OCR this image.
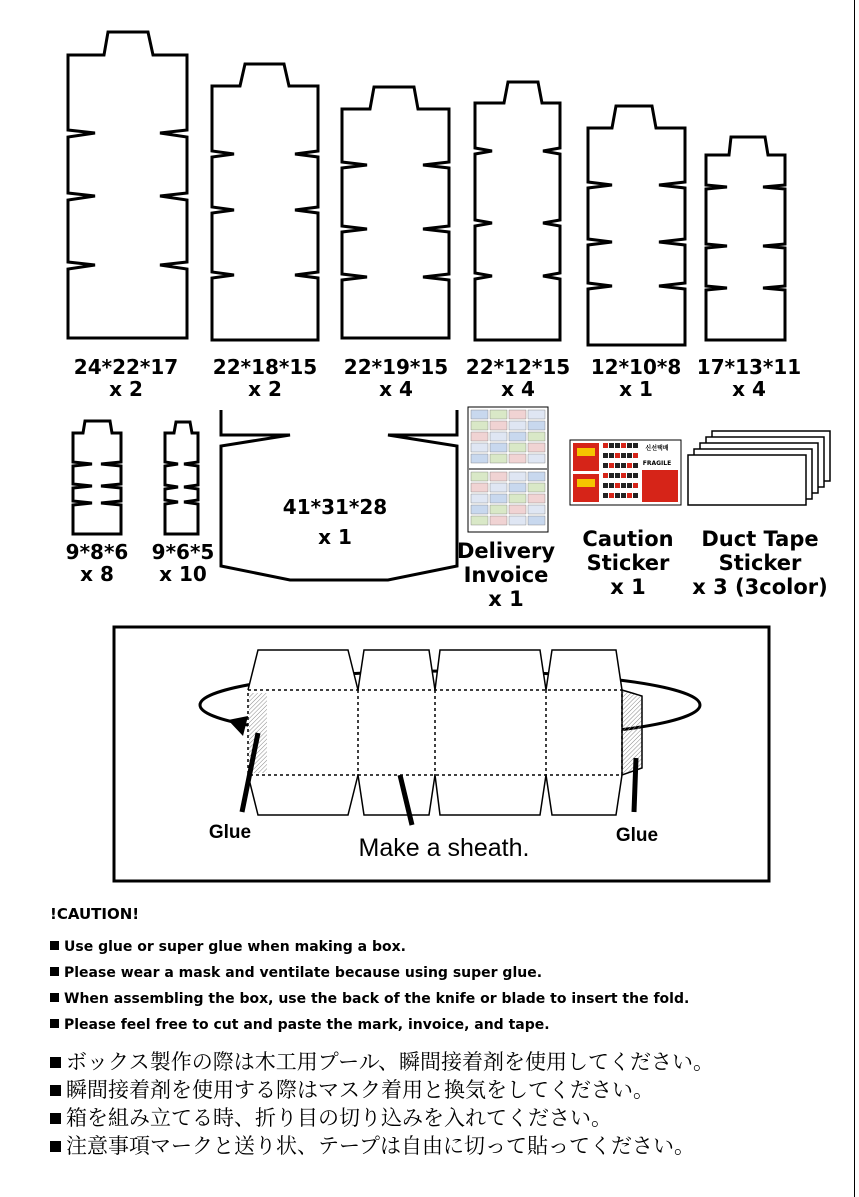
신선택배
FRAGILE
Glue	Glue
Make a sheath.
24*22*17
x 2
22*18*15
x 2
22*19*15
x 4
22*12*15
x 4
12*10*8
x 1
17*13*11
x 4
9*8*6
x 8
9*6*5
x 10
41*31*28
x 1
Delivery
Invoice
x 1
Caution
Sticker
x 1
Duct Tape
Sticker
x 3 (3color)
!CAUTION!
Use glue or super glue when making a box.
Please wear a mask and ventilate because using super glue.
When assembling the box, use the back of the knife or blade to insert the fold.
Please feel free to cut and paste the mark, invoice, and tape.
ボックス製作の際は木工用プール、瞬間接着剤を使用してください。
瞬間接着剤を使用する際はマスク着用と換気をしてください。
箱を組み立てる時、折り目の切り込みを入れてください。
注意事項マークと送り状、テープは自由に切って貼ってください。
